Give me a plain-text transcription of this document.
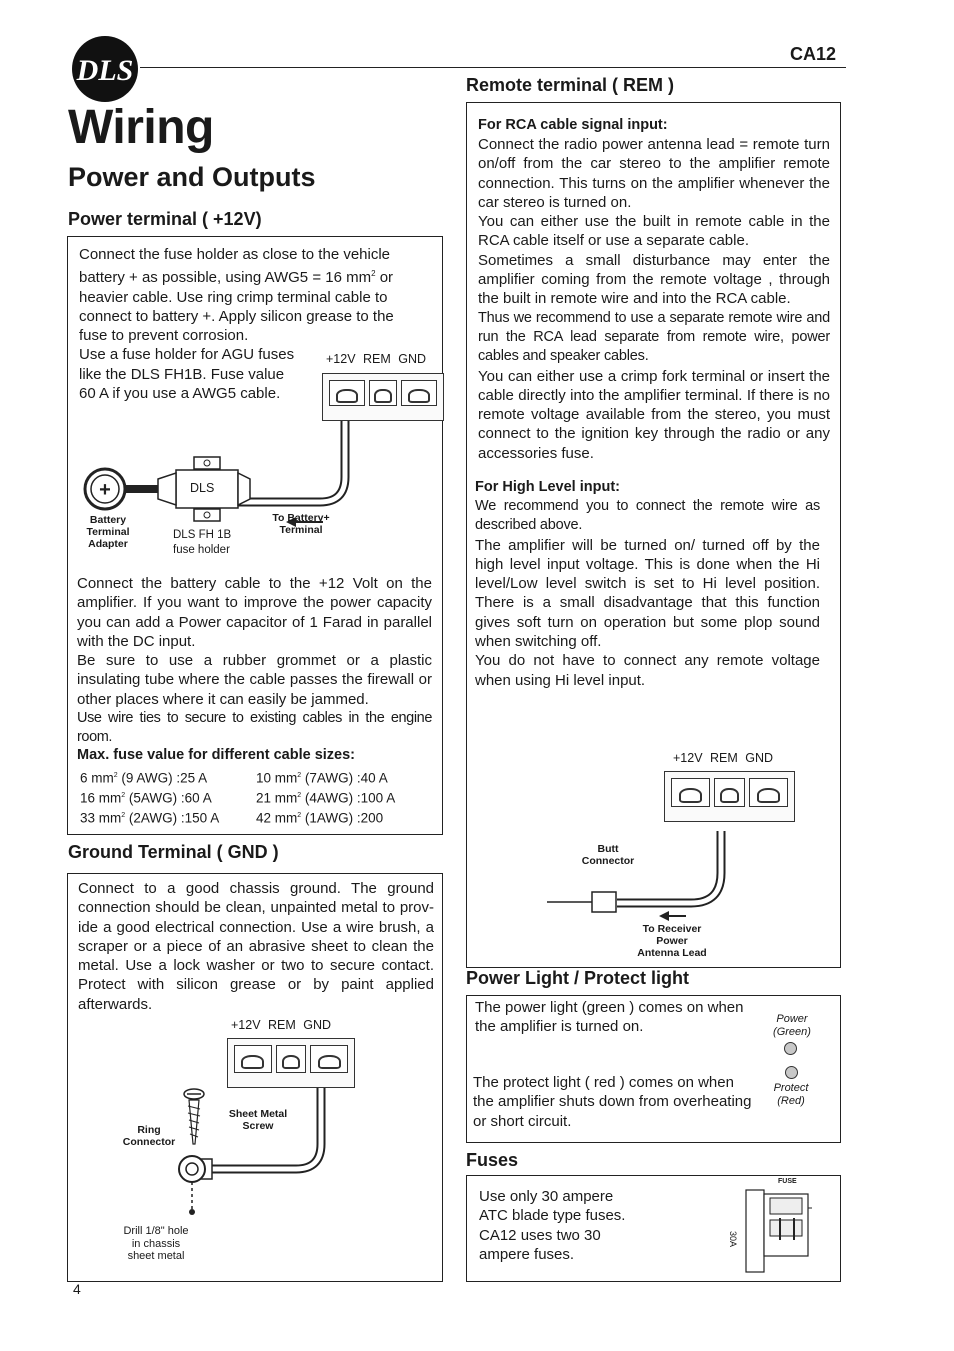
DLS	CA12
Wiring
Power and Outputs
Power terminal ( +12V)
Connect the fuse holder as close to the vehicle
battery + as possible, using AWG5 = 16 $mm^2$ or
heavier cable. Use ring crimp terminal cable to
connect to battery +. Apply silicon grease to the
fuse to prevent corrosion.
Use a fuse holder for AGU fuses
like the DLS FH1B. Fuse value
60 A if you use a AWG5 cable.
+12V REM GND
+	DLS
Battery Terminal Adapter
DLS FH 1B
fuse holder
To Battery+ Terminal

Connect the battery cable to the +12 Volt on the amplifier. If you want to improve the power capacity you can add a Power capacitor of 1 Farad in parallel with the DC input.

Be sure to use a rubber grommet or a plastic insulating tube where the cable passes the firewall or other places where it can easily be jammed.

Use wire ties to secure to existing cables in the engine room.

Max. fuse value for different cable sizes:
6 $mm^2$ (9 AWG) :25 A	10 $mm^2$ (7AWG) :40 A
16 $mm^2$ (5AWG) :60 A	21 $mm^2$ (4AWG) :100 A
33 $mm^2$ (2AWG) :150 A	42 $mm^2$ (1AWG) :200
Ground Terminal ( GND )
Connect to a good chassis ground. The ground connection should be clean, unpainted metal to prov-ide a good electrical connection. Use a wire brush, a scraper or a piece of an abrasive sheet to clean the metal. Use a lock washer or two to secure contact. Protect with silicon grease or by paint applied afterwards.
+12V REM GND
Sheet Metal Screw
Ring Connector
Drill 1/8" hole
in chassis
sheet metal
4
Remote terminal ( REM )
For RCA cable signal input:

Connect the radio power antenna lead = remote turn on/off from the car stereo to the amplifier remote connection. This turns on the amplifier whenever the car stereo is turned on.

You can either use the built in remote cable in the RCA cable itself or use a separate cable.

Sometimes a small disturbance may enter the amplifier coming from the remote voltage , through the built in remote wire and into the RCA cable.

Thus we recommend to use a separate remote wire and run the RCA lead separate from remote wire, power cables and speaker cables.

You can either use a crimp fork terminal or insert the cable directly into the amplifier terminal. If there is no remote voltage available from the stereo, you must connect to the ignition key through the radio or any accessories fuse.

For High Level input:

We recommend you to connect the remote wire as described above.

The amplifier will be turned on/ turned off by the high level input voltage. This is done when the Hi level/Low level switch is set to Hi level position. There is a small disadvantage that this function gives soft turn on operation but some plop sound when switching off.

You do not have to connect any remote voltage when using Hi level input.

+12V REM GND
Butt Connector
To Receiver
Power
Antenna Lead
Power Light / Protect light
The power light (green ) comes on when the amplifier is turned on.
The protect light ( red ) comes on when the amplifier shuts down from overheating or short circuit.
Power
(Green)
Protect
(Red)
Fuses
Use only 30 ampere
ATC blade type fuses.
CA12 uses two 30
ampere fuses.
FUSE
30A
